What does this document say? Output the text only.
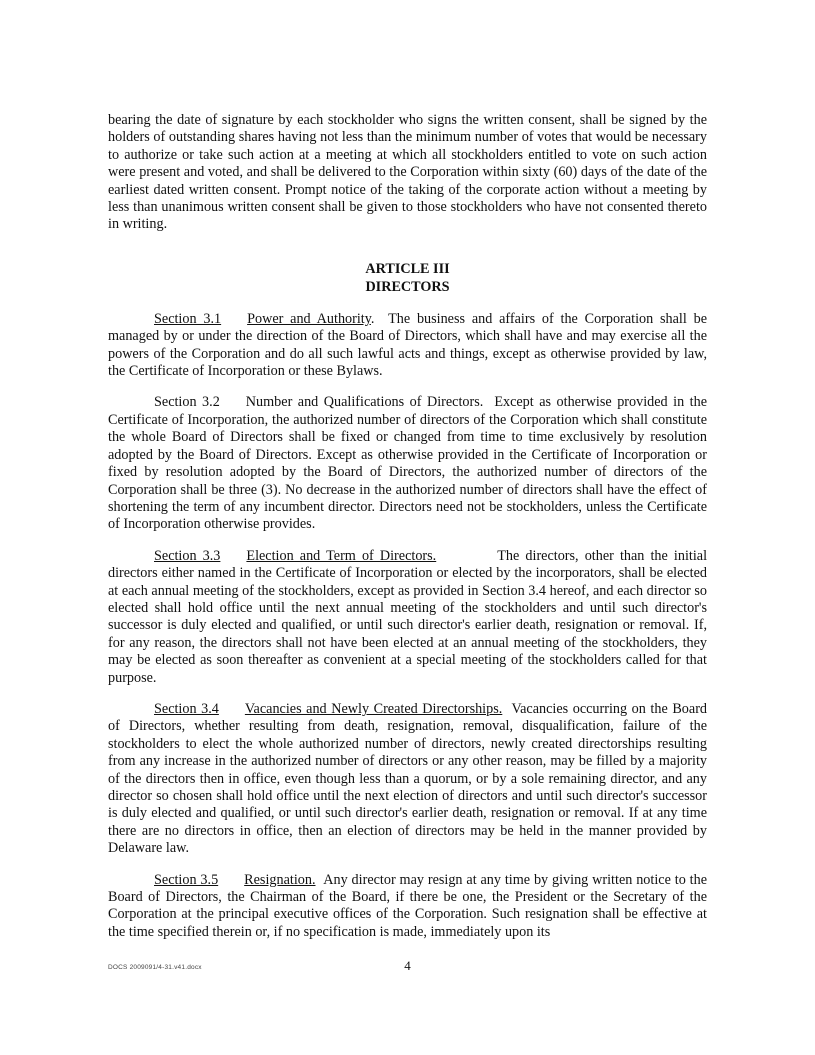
bearing the date of signature by each stockholder who signs the written consent, shall be signed by the holders of outstanding shares having not less than the minimum number of votes that would be necessary to authorize or take such action at a meeting at which all stockholders entitled to vote on such action were present and voted, and shall be delivered to the Corporation within sixty (60) days of the date of the earliest dated written consent. Prompt notice of the taking of the corporate action without a meeting by less than unanimous written consent shall be given to those stockholders who have not consented thereto in writing.

ARTICLE III
DIRECTORS

Section 3.1 Power and Authority.  The business and affairs of the Corporation shall be managed by or under the direction of the Board of Directors, which shall have and may exercise all the powers of the Corporation and do all such lawful acts and things, except as otherwise provided by law, the Certificate of Incorporation or these Bylaws.

Section 3.2 Number and Qualifications of Directors. Except as otherwise provided in the Certificate of Incorporation, the authorized number of directors of the Corporation which shall constitute the whole Board of Directors shall be fixed or changed from time to time exclusively by resolution adopted by the Board of Directors. Except as otherwise provided in the Certificate of Incorporation or fixed by resolution adopted by the Board of Directors, the authorized number of directors of the Corporation shall be three (3). No decrease in the authorized number of directors shall have the effect of shortening the term of any incumbent director. Directors need not be stockholders, unless the Certificate of Incorporation otherwise provides.

Section 3.3 Election and Term of Directors.	The directors, other than the initial directors either named in the Certificate of Incorporation or elected by the incorporators, shall be elected at each annual meeting of the stockholders, except as provided in Section 3.4 hereof, and each director so elected shall hold office until the next annual meeting of the stockholders and until such director's successor is duly elected and qualified, or until such director's earlier death, resignation or removal. If, for any reason, the directors shall not have been elected at an annual meeting of the stockholders, they may be elected as soon thereafter as convenient at a special meeting of the stockholders called for that purpose.

Section 3.4 Vacancies and Newly Created Directorships. Vacancies occurring on the Board of Directors, whether resulting from death, resignation, removal, disqualification, failure of the stockholders to elect the whole authorized number of directors, newly created directorships resulting from any increase in the authorized number of directors or any other reason, may be filled by a majority of the directors then in office, even though less than a quorum, or by a sole remaining director, and any director so chosen shall hold office until the next election of directors and until such director's successor is duly elected and qualified, or until such director's earlier death, resignation or removal. If at any time there are no directors in office, then an election of directors may be held in the manner provided by Delaware law.

Section 3.5 Resignation. Any director may resign at any time by giving written notice to the Board of Directors, the Chairman of the Board, if there be one, the President or the Secretary of the Corporation at the principal executive offices of the Corporation. Such resignation shall be effective at the time specified therein or, if no specification is made, immediately upon its

DOCS 2009091/4-31.v41.docx	4
